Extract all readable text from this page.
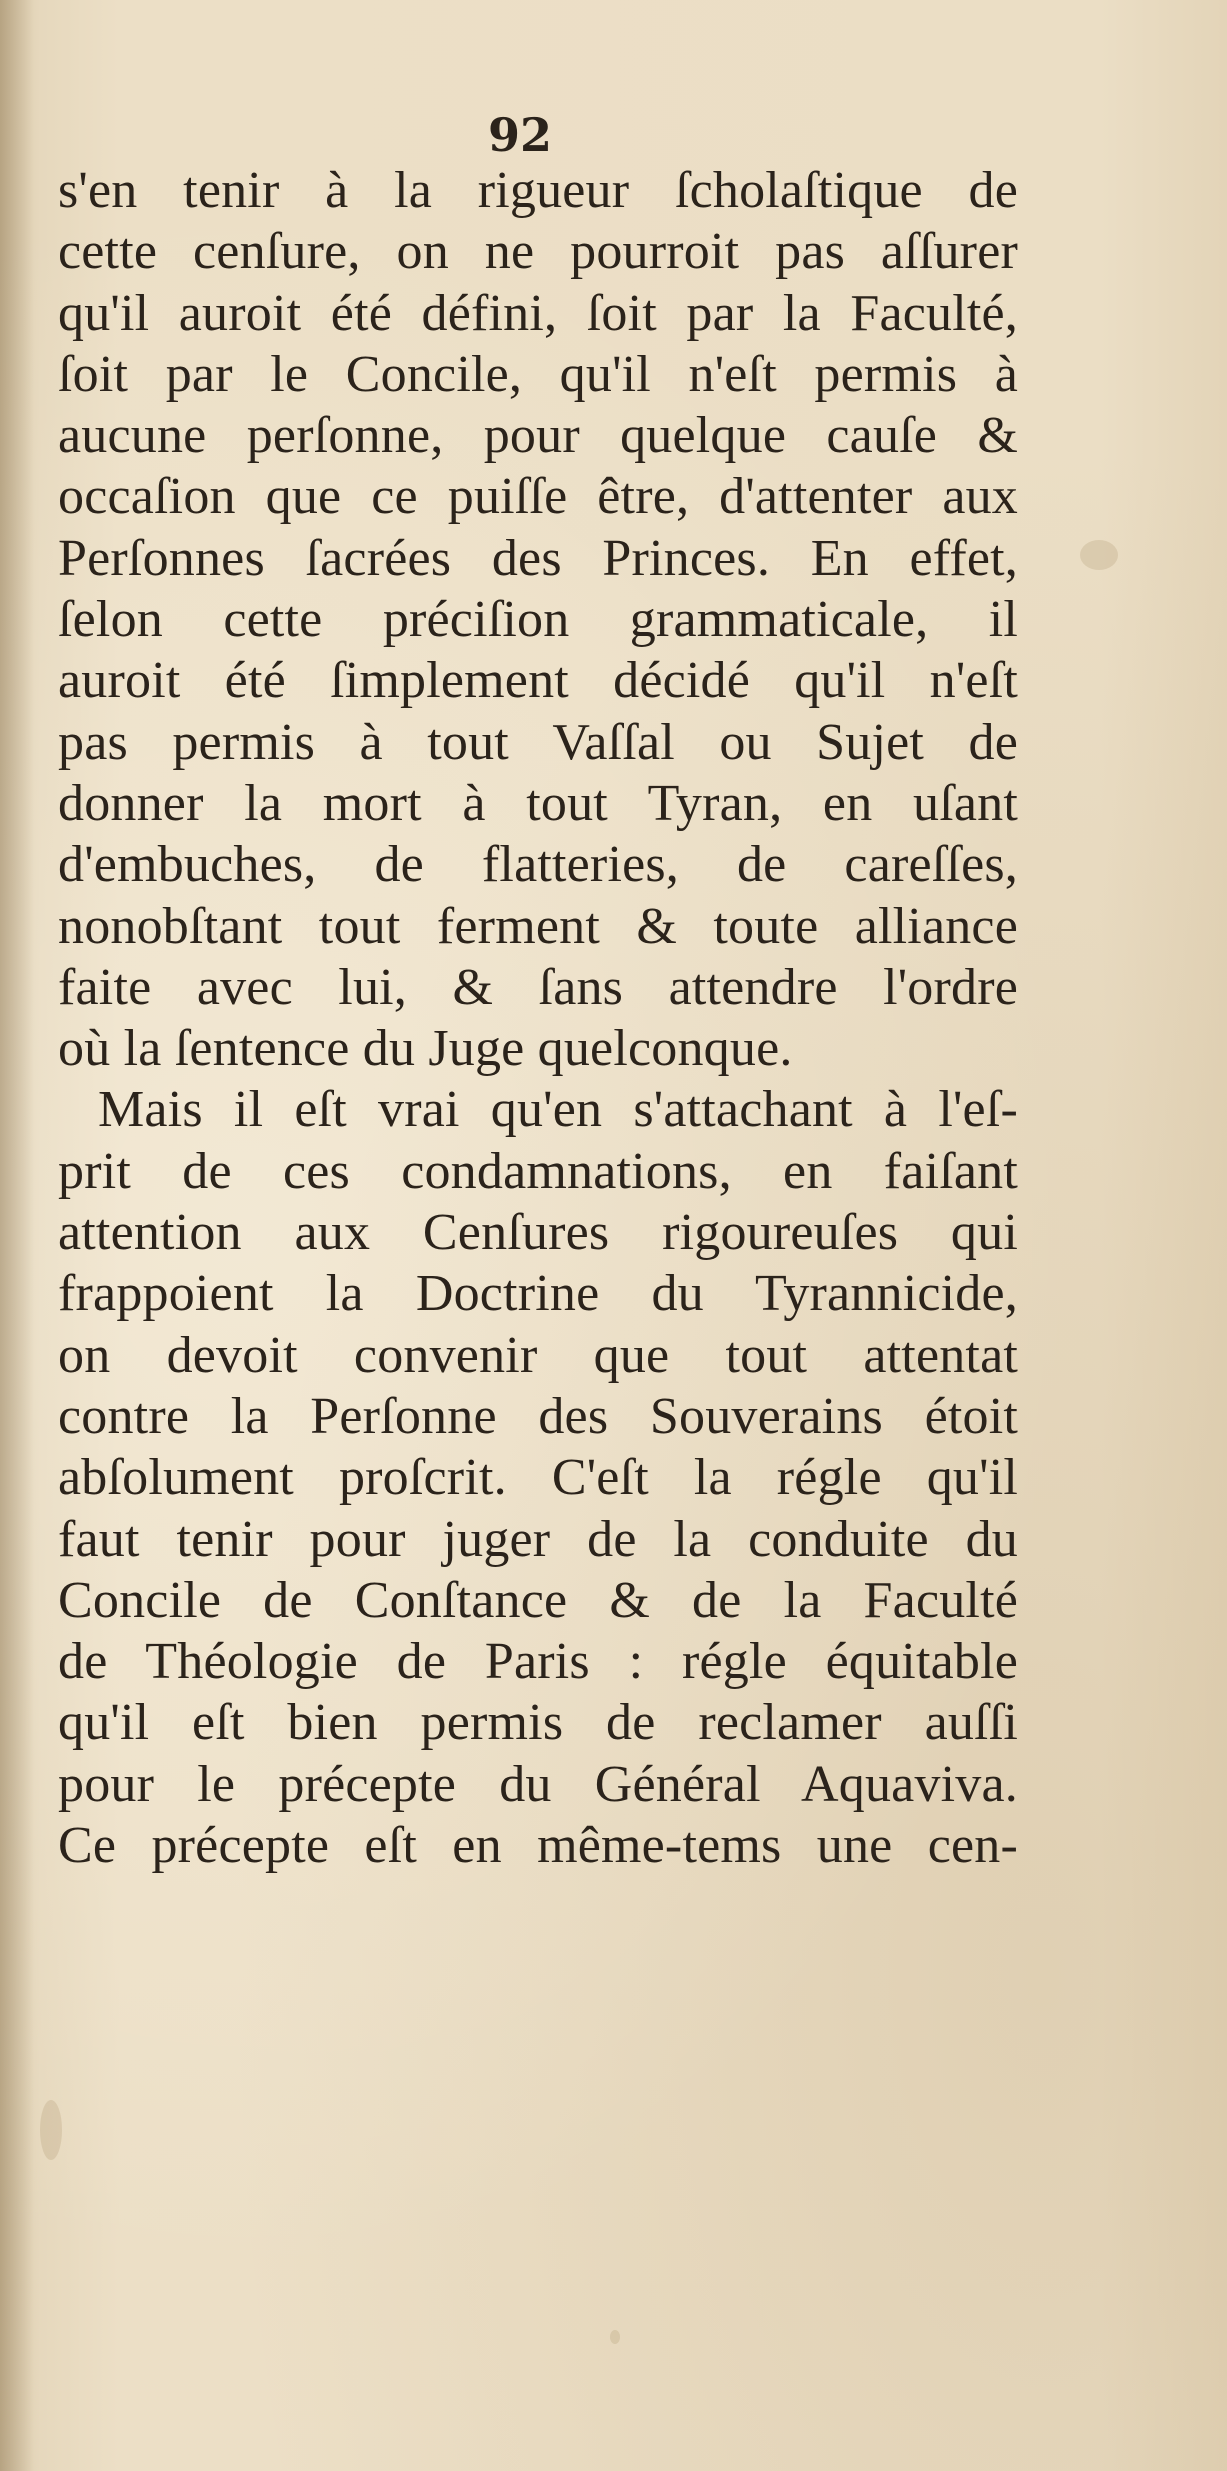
92
s'en tenir à la rigueur ſcholaſtique de
cette cenſure, on ne pourroit pas aſſurer
qu'il auroit été défini, ſoit par la Faculté,
ſoit par le Concile, qu'il n'eſt permis à
aucune perſonne, pour quelque cauſe &
occaſion que ce puiſſe être, d'attenter aux
Perſonnes ſacrées des Princes. En effet,
ſelon cette préciſion grammaticale, il
auroit été ſimplement décidé qu'il n'eſt
pas permis à tout Vaſſal ou Sujet de
donner la mort à tout Tyran, en uſant
d'embuches, de flatteries, de careſſes,
nonobſtant tout ferment & toute alliance
faite avec lui, & ſans attendre l'ordre
où la ſentence du Juge quelconque.
Mais il eſt vrai qu'en s'attachant à l'eſ-
prit de ces condamnations, en faiſant
attention aux Cenſures rigoureuſes qui
frappoient la Doctrine du Tyrannicide,
on devoit convenir que tout attentat
contre la Perſonne des Souverains étoit
abſolument proſcrit. C'eſt la régle qu'il
faut tenir pour juger de la conduite du
Concile de Conſtance & de la Faculté
de Théologie de Paris : régle équitable
qu'il eſt bien permis de reclamer auſſi
pour le précepte du Général Aquaviva.
Ce précepte eſt en même-tems une cen-
